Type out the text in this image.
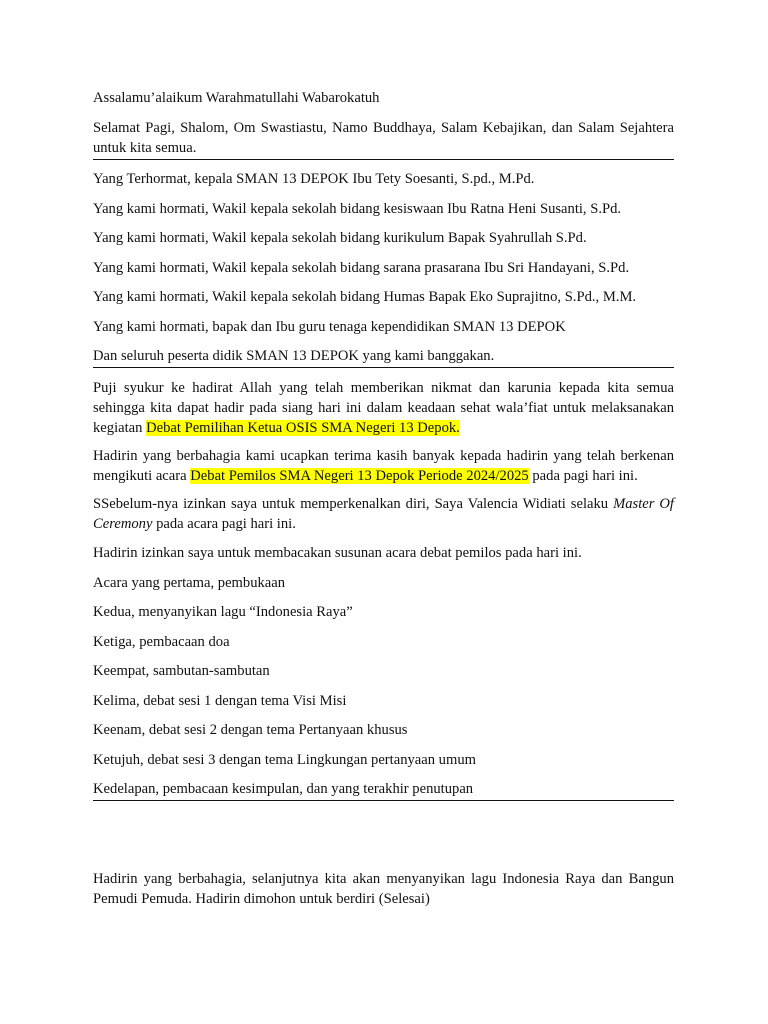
Assalamu’alaikum Warahmatullahi Wabarokatuh

Selamat Pagi, Shalom, Om Swastiastu, Namo Buddhaya, Salam Kebajikan, dan Salam Sejahtera untuk kita semua.

Yang Terhormat, kepala SMAN 13 DEPOK Ibu Tety Soesanti, S.pd., M.Pd.

Yang kami hormati, Wakil kepala sekolah bidang kesiswaan Ibu Ratna Heni Susanti, S.Pd.

Yang kami hormati, Wakil kepala sekolah bidang kurikulum Bapak Syahrullah S.Pd.

Yang kami hormati, Wakil kepala sekolah bidang sarana prasarana Ibu Sri Handayani, S.Pd.

Yang kami hormati, Wakil kepala sekolah bidang Humas Bapak Eko Suprajitno, S.Pd., M.M.

Yang kami hormati, bapak dan Ibu guru tenaga kependidikan SMAN 13 DEPOK

Dan seluruh peserta didik SMAN 13 DEPOK yang kami banggakan.

Puji syukur ke hadirat Allah yang telah memberikan nikmat dan karunia kepada kita semua sehingga kita dapat hadir pada siang hari ini dalam keadaan sehat wala’fiat untuk melaksanakan kegiatan Debat Pemilihan Ketua OSIS SMA Negeri 13 Depok.

Hadirin yang berbahagia kami ucapkan terima kasih banyak kepada hadirin yang telah berkenan mengikuti acara Debat Pemilos SMA Negeri 13 Depok Periode 2024/2025 pada pagi hari ini.

SSebelum-nya izinkan saya untuk memperkenalkan diri, Saya Valencia Widiati selaku Master Of Ceremony pada acara pagi hari ini.

Hadirin izinkan saya untuk membacakan susunan acara debat pemilos pada hari ini.

Acara yang pertama, pembukaan

Kedua, menyanyikan lagu “Indonesia Raya”

Ketiga, pembacaan doa

Keempat, sambutan-sambutan

Kelima, debat sesi 1 dengan tema Visi Misi

Keenam, debat sesi 2 dengan tema Pertanyaan khusus

Ketujuh, debat sesi 3 dengan tema Lingkungan pertanyaan umum

Kedelapan, pembacaan kesimpulan, dan yang terakhir penutupan

Hadirin yang berbahagia, selanjutnya kita akan menyanyikan lagu Indonesia Raya dan Bangun Pemudi Pemuda. Hadirin dimohon untuk berdiri (Selesai)
